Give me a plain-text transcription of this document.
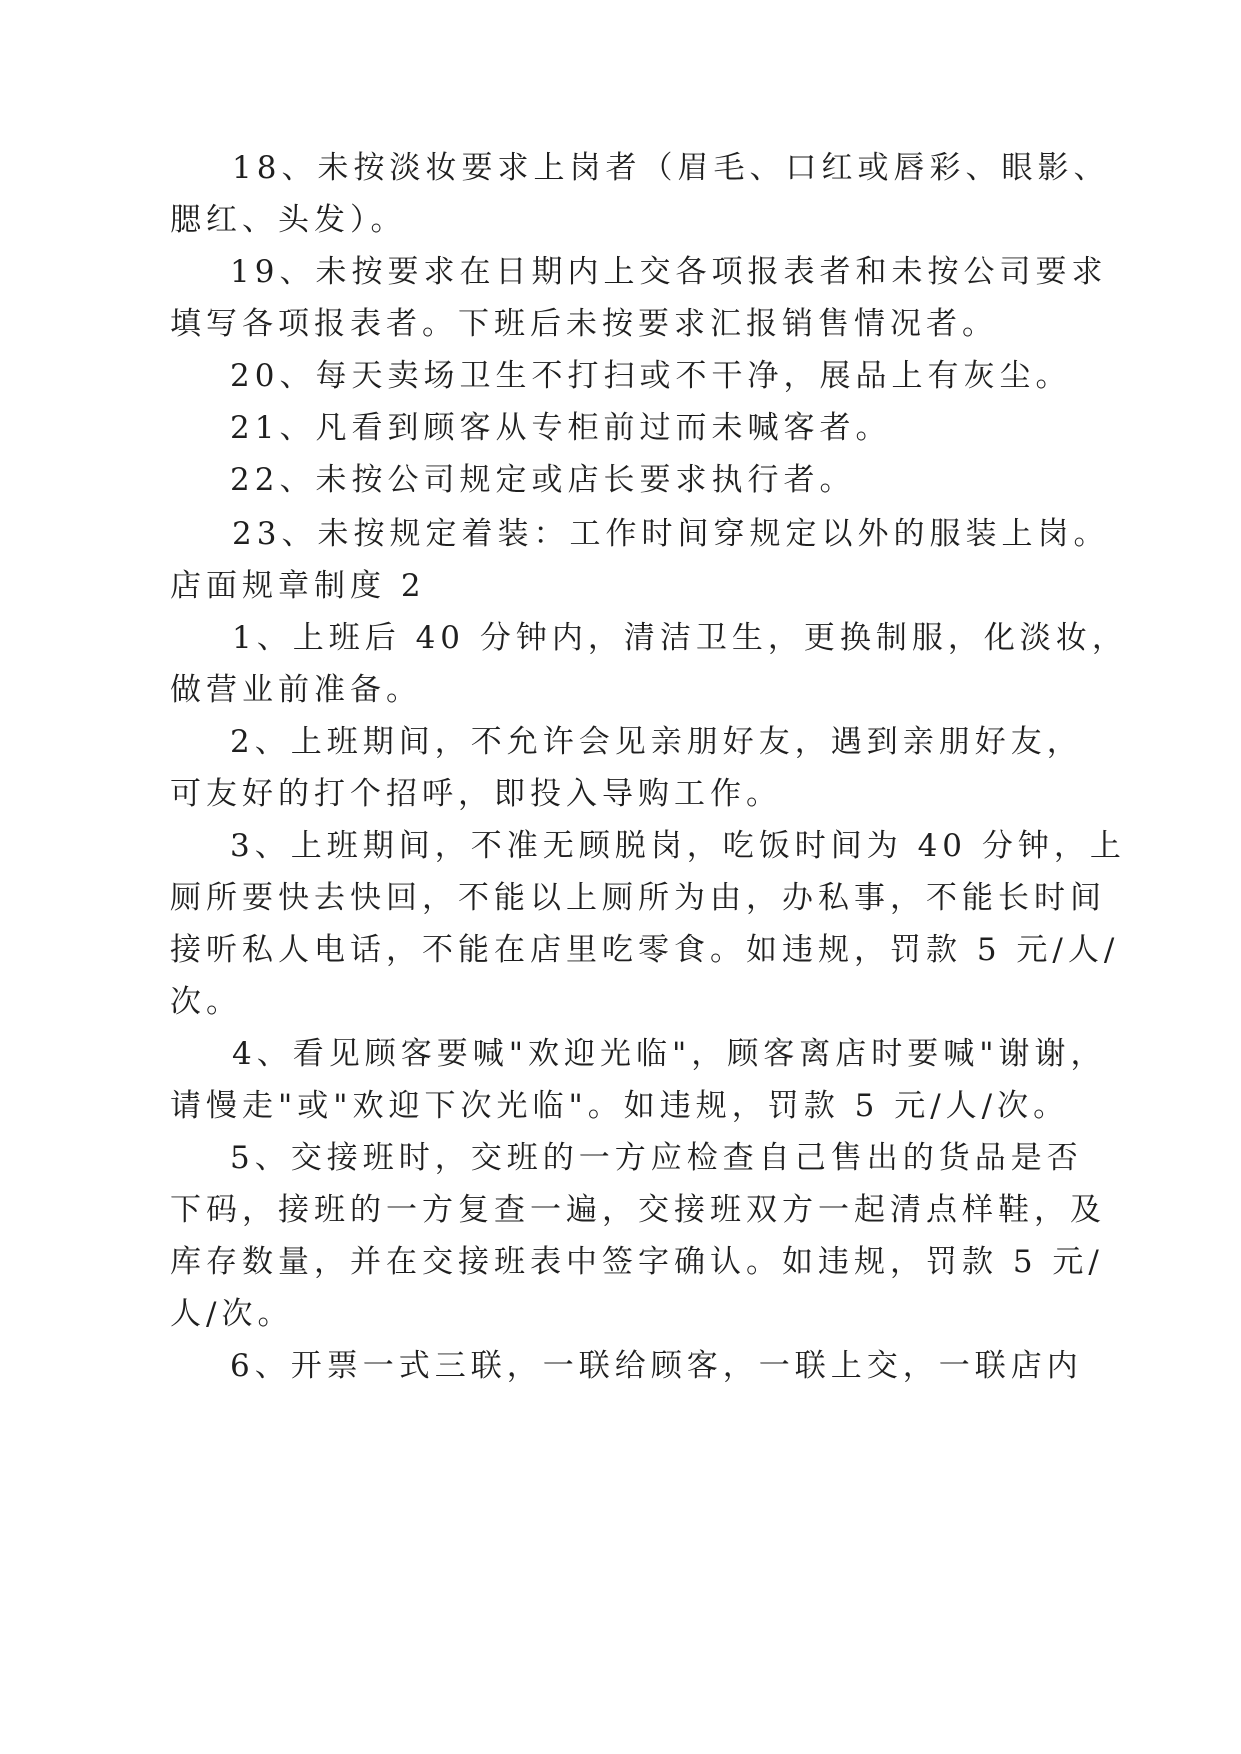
18、未按淡妆要求上岗者（眉毛、口红或唇彩、眼影、

腮红、头发）。

19、未按要求在日期内上交各项报表者和未按公司要求

填写各项报表者。下班后未按要求汇报销售情况者。

20、每天卖场卫生不打扫或不干净，展品上有灰尘。

21、凡看到顾客从专柜前过而未喊客者。

22、未按公司规定或店长要求执行者。

23、未按规定着装：工作时间穿规定以外的服装上岗。

店面规章制度 2

1、上班后 40 分钟内，清洁卫生，更换制服，化淡妆，

做营业前准备。

2、上班期间，不允许会见亲朋好友，遇到亲朋好友，

可友好的打个招呼，即投入导购工作。

3、上班期间，不准无顾脱岗，吃饭时间为 40 分钟，上

厕所要快去快回，不能以上厕所为由，办私事，不能长时间

接听私人电话，不能在店里吃零食。如违规，罚款 5 元/人/

次。

4、看见顾客要喊"欢迎光临"，顾客离店时要喊"谢谢，

请慢走"或"欢迎下次光临"。如违规，罚款 5 元/人/次。

5、交接班时，交班的一方应检查自己售出的货品是否

下码，接班的一方复查一遍，交接班双方一起清点样鞋，及

库存数量，并在交接班表中签字确认。如违规，罚款 5 元/

人/次。

6、开票一式三联，一联给顾客，一联上交，一联店内
